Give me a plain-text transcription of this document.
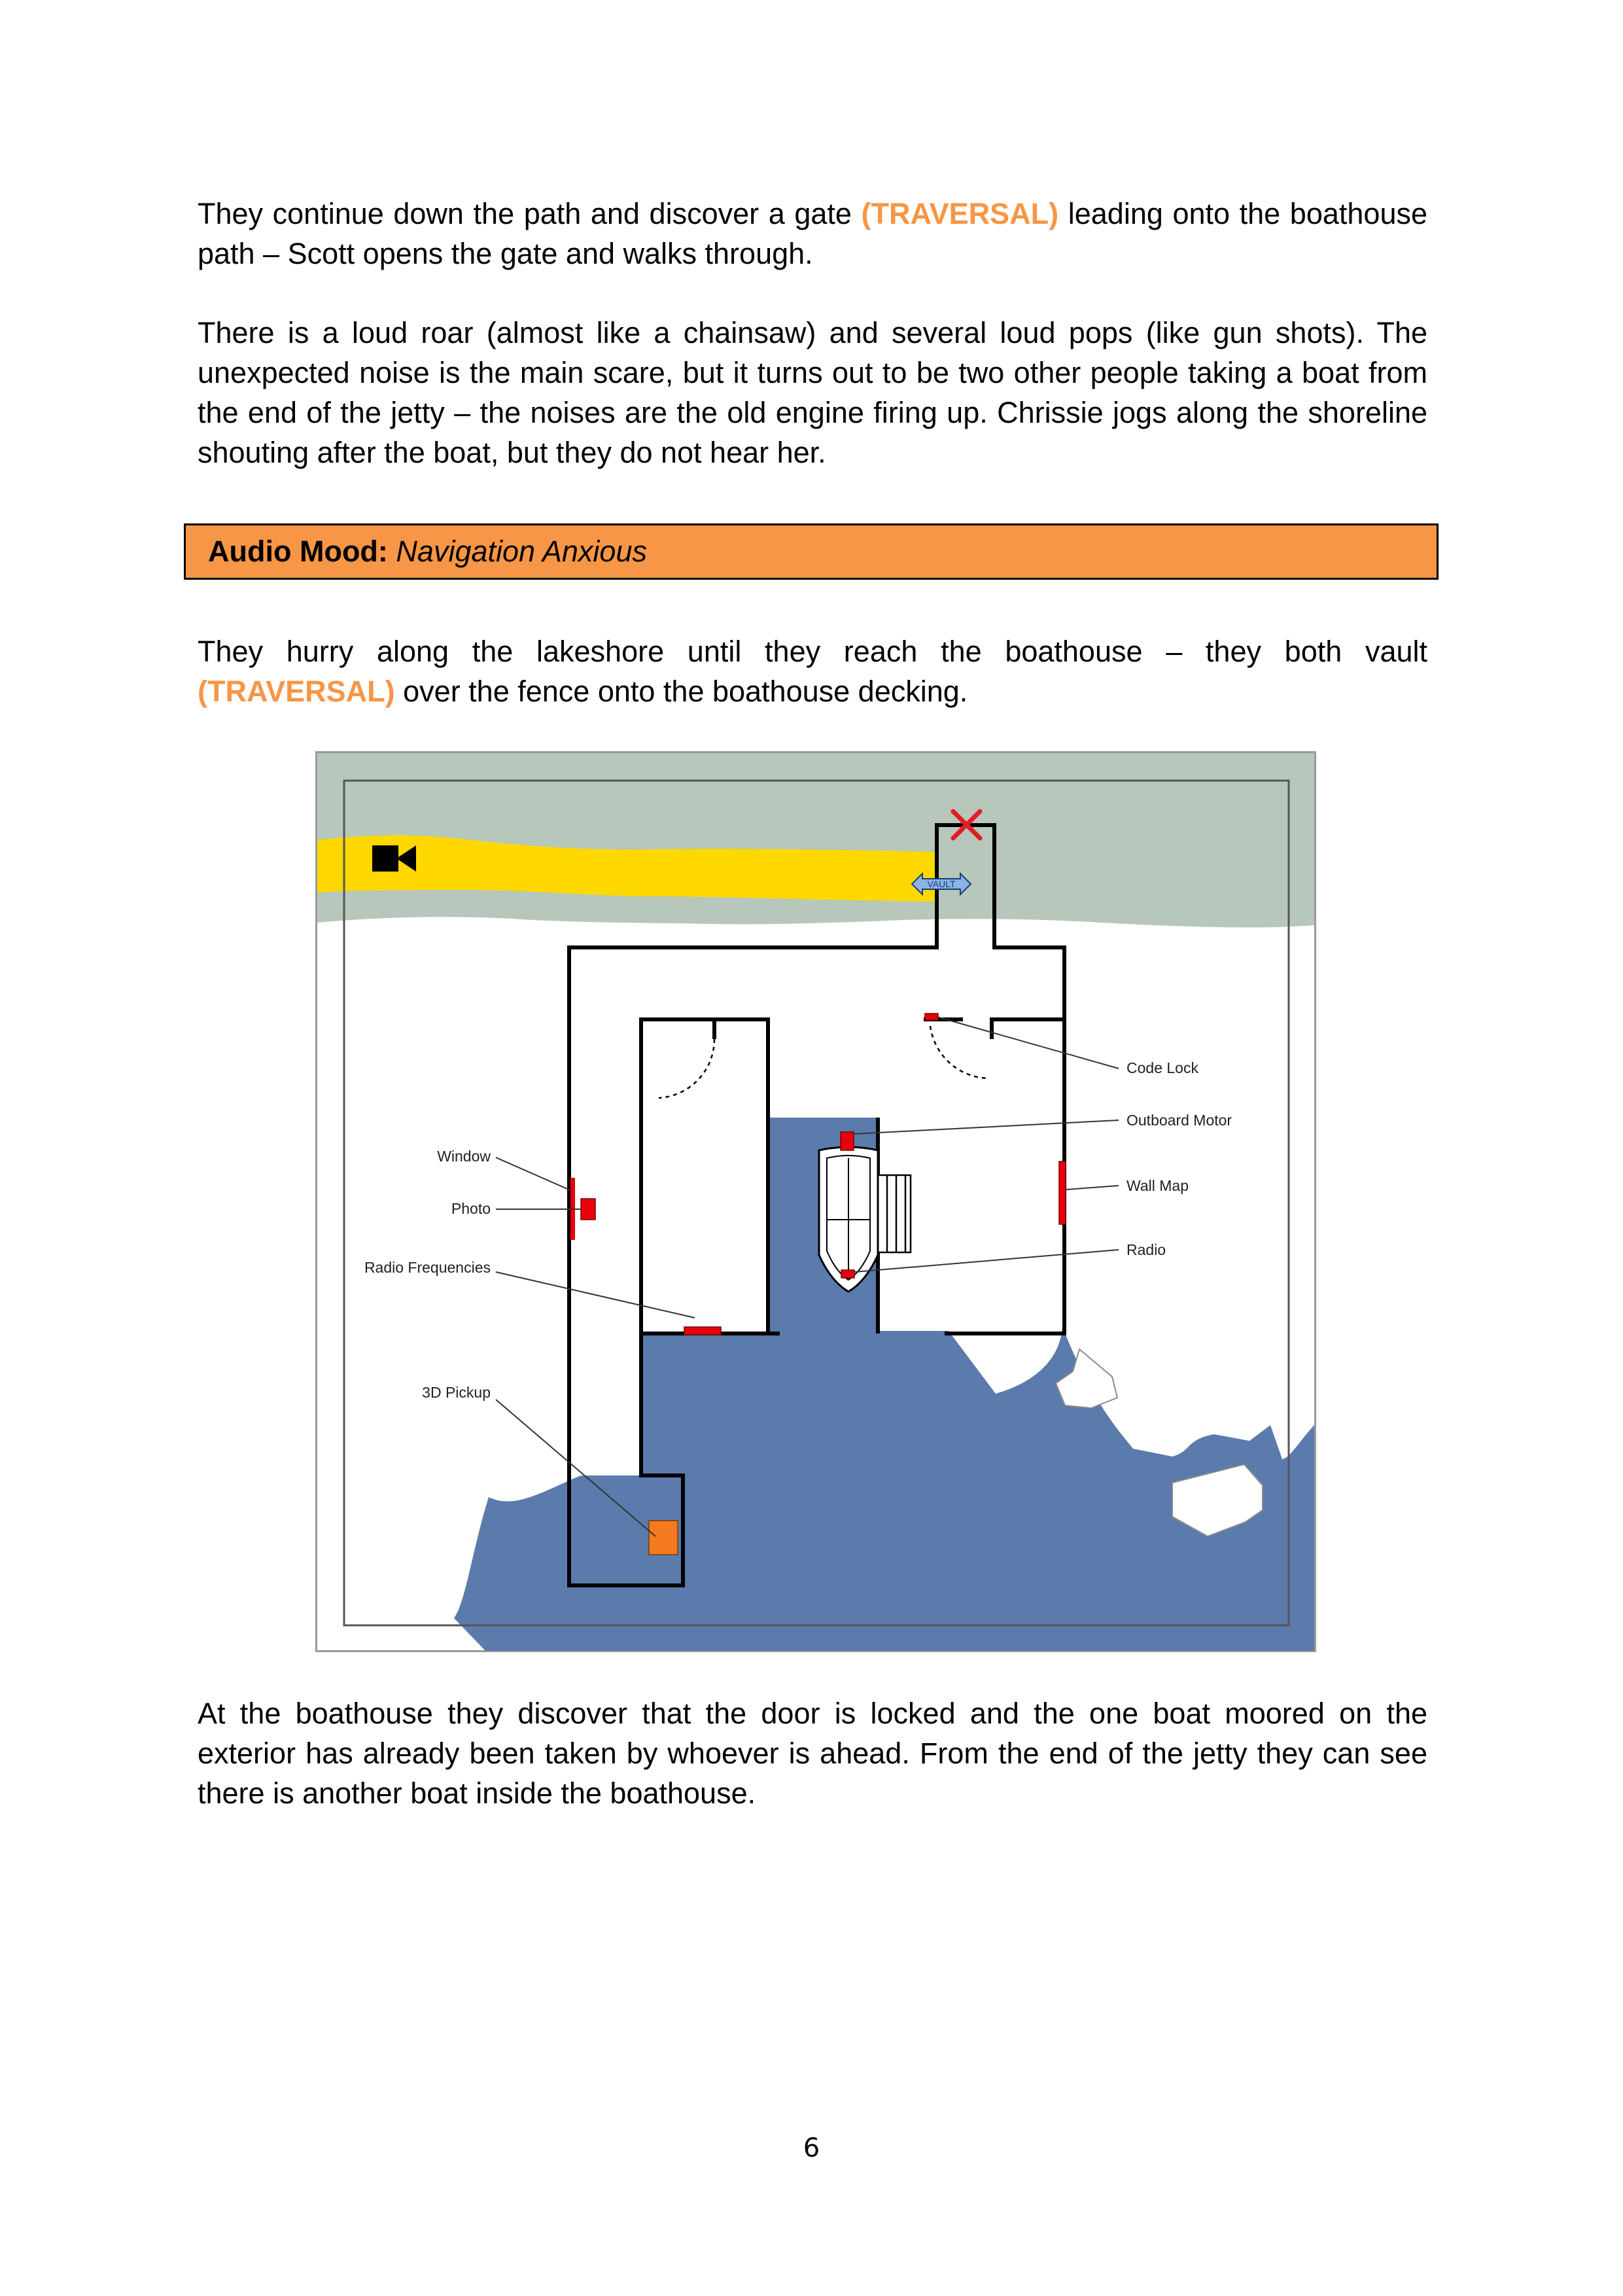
They continue down the path and discover a gate (TRAVERSAL) leading onto the boathouse path – Scott opens the gate and walks through.

There is a loud roar (almost like a chainsaw) and several loud pops (like gun shots). The unexpected noise is the main scare, but it turns out to be two other people taking a boat from the end of the jetty – the noises are the old engine firing up. Chrissie jogs along the shoreline shouting after the boat, but they do not hear her.

Audio Mood: Navigation Anxious

They hurry along the lakeshore until they reach the boathouse – they both vault (TRAVERSAL) over the fence onto the boathouse decking.

VAULT
Code Lock
Outboard Motor
Wall Map
Radio
Window
Photo
Radio Frequencies
3D Pickup

At the boathouse they discover that the door is locked and the one boat moored on the exterior has already been taken by whoever is ahead. From the end of the jetty they can see there is another boat inside the boathouse.

6
